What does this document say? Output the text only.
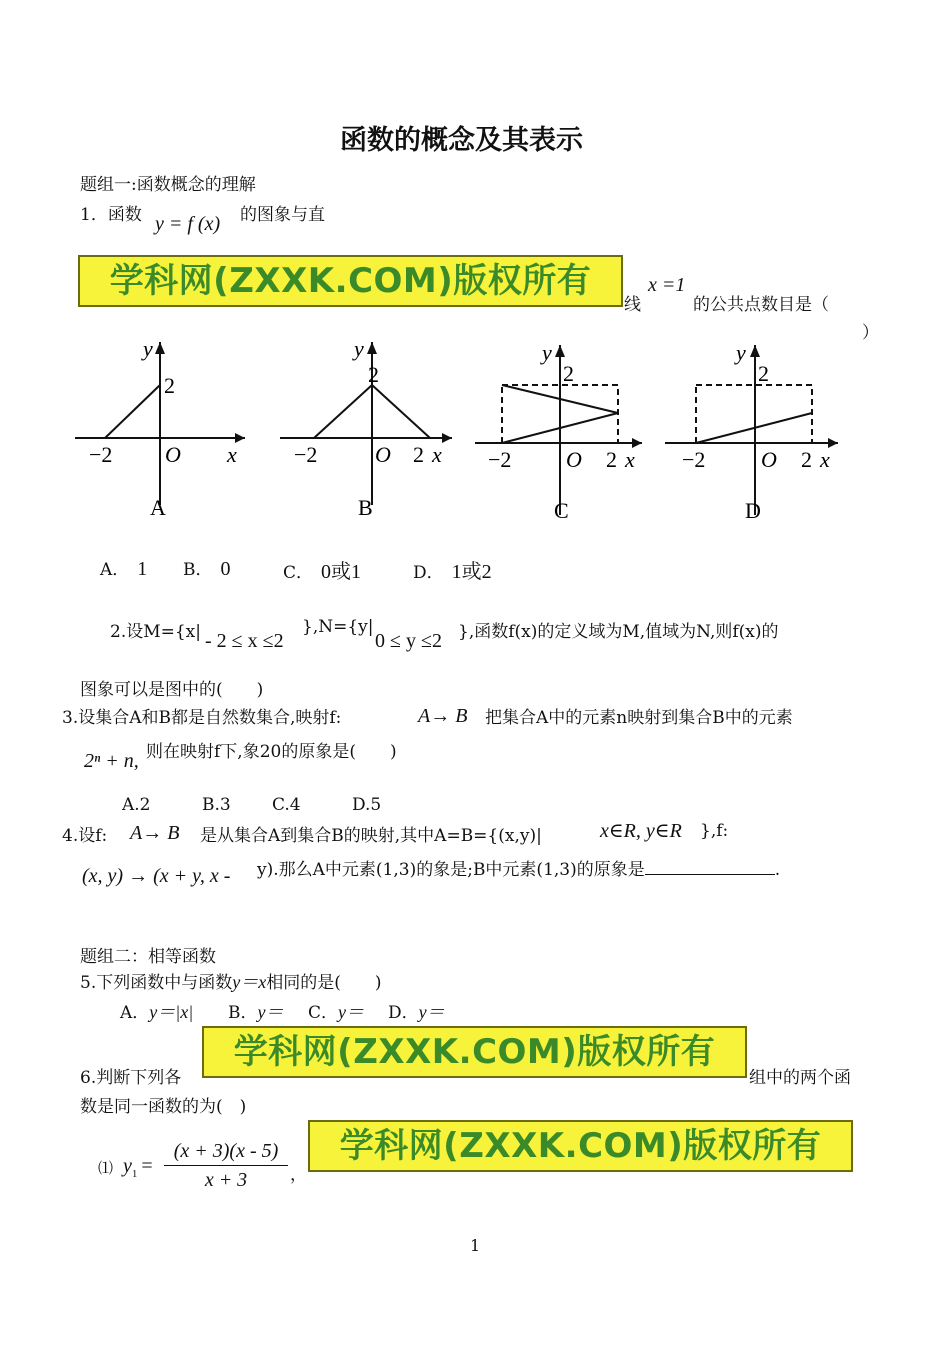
函数的概念及其表示
题组一:函数概念的理解
1．函数 y = f (x) 的图象与直
学科网(ZXXK.COM)版权所有
线
x =1
的公共点数目是（
）
y
2
−2 O x
A
y
2
−2	O 2 x
B
y
2
−2 O 2 x
C
y
2
−2	O 2 x
D
A． 1 B． 0	C． 0或1	D． 1或2
2.设M={x| - 2 ≤ x ≤2
},N={y|
0 ≤ y ≤2 },函数f(x)的定义域为M,值域为N,则f(x)的
图象可以是图中的(　　)
3.设集合A和B都是自然数集合,映射f:	A→ B 把集合A中的元素n映射到集合B中的元素
2ⁿ + n, 则在映射f下,象20的原象是(　　)
A.2	B.3 C.4	D.5
4.设f: A→ B 是从集合A到集合B的映射,其中A=B={(x,y)|	x∈R, y∈R },f:
(x, y) → (x + y, x - y).那么A中元素(1,3)的象是;B中元素(1,3)的原象是	.
题组二：相等函数
5.下列函数中与函数y＝x相同的是(　　)
A．y＝|x| B．y＝ C．y＝ D．y＝
6.判断下列各
学科网(ZXXK.COM)版权所有
组中的两个函
数是同一函数的为(　)
⑴ $y_1 = \frac{(x + 3)(x - 5)}{x + 3}$ ，
学科网(ZXXK.COM)版权所有
1
